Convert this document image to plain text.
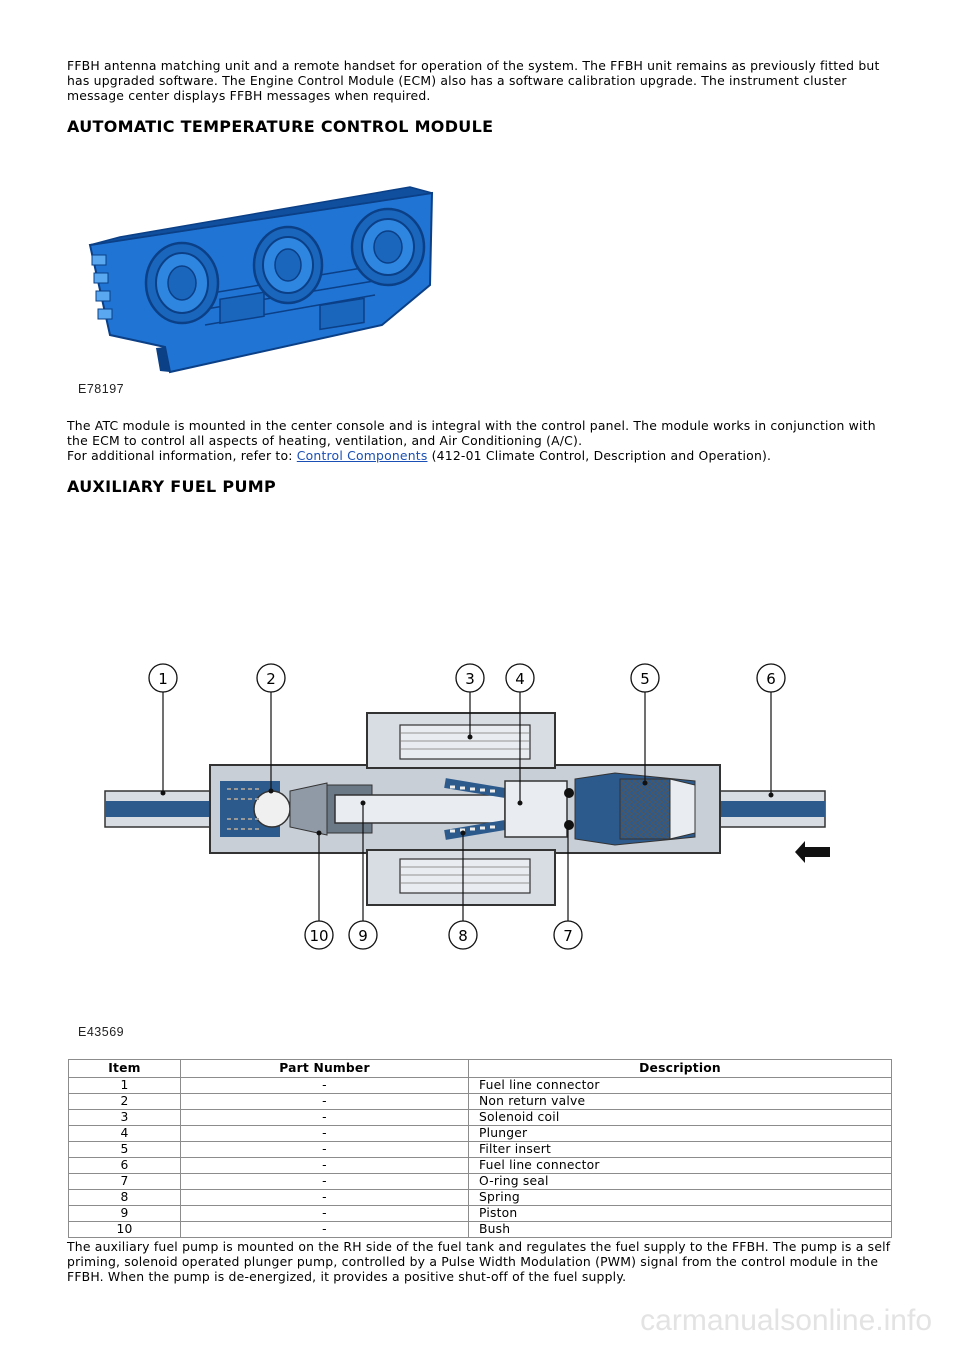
FFBH antenna matching unit and a remote handset for operation of the system. The FFBH unit remains as previously fitted but has upgraded software. The Engine Control Module (ECM) also has a software calibration upgrade. The instrument cluster message center displays FFBH messages when required.
AUTOMATIC TEMPERATURE CONTROL MODULE
E78197
The ATC module is mounted in the center console and is integral with the control panel. The module works in conjunction with the ECM to control all aspects of heating, ventilation, and Air Conditioning (A/C).
For additional information, refer to: Control Components (412-01 Climate Control, Description and Operation).
AUXILIARY FUEL PUMP
1	2	3	4	5	6
7
8
9
10
E43569
Item	Part Number	Description
1	-	Fuel line connector
2	-	Non return valve
3	-	Solenoid coil
4	-	Plunger
5	-	Filter insert
6	-	Fuel line connector
7	-	O-ring seal
8	-	Spring
9	-	Piston
10	-	Bush
The auxiliary fuel pump is mounted on the RH side of the fuel tank and regulates the fuel supply to the FFBH. The pump is a self priming, solenoid operated plunger pump, controlled by a Pulse Width Modulation (PWM) signal from the control module in the FFBH. When the pump is de-energized, it provides a positive shut-off of the fuel supply.
carmanualsonline.info
